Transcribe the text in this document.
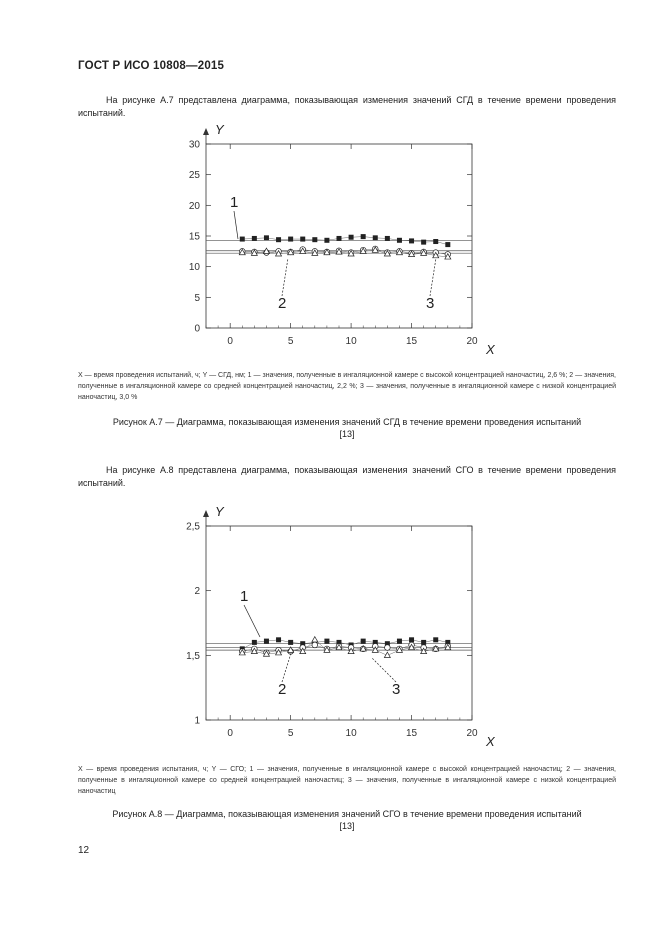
ГОСТ Р ИСО 10808—2015
На рисунке А.7 представлена диаграмма, показывающая изменения значений СГД в течение времени проведения испытаний.
Y
X
0
5
10
15
20
25
30
0	5	10	15	20
1
2	3
X — время проведения испытаний, ч; Y — СГД, нм; 1 — значения, полученные в ингаляционной камере с высокой концентрацией наночастиц, 2,6 %; 2 — значения, полученные в ингаляционной камере со средней концентрацией наночастиц, 2,2 %; 3 — значения, полученные в ингаляционной камере с низкой концентрацией наночастиц, 3,0 %
Рисунок А.7 — Диаграмма, показывающая изменения значений СГД в течение времени проведения испытаний
[13]
На рисунке А.8 представлена диаграмма, показывающая изменения значений СГО в течение времени проведения испытаний.
Y
X
1
1,5
2
2,5
0	5	10	15	20
1
2	3
X — время проведения испытания, ч; Y — СГО; 1 — значения, полученные в ингаляционной камере с высокой концентрацией наночастиц; 2 — значения, полученные в ингаляционной камере со средней концентрацией наночастиц; 3 — значения, полученные в ингаляционной камере с низкой концентрацией наночастиц
Рисунок А.8 — Диаграмма, показывающая изменения значений СГО в течение времени проведения испытаний
[13]
12
